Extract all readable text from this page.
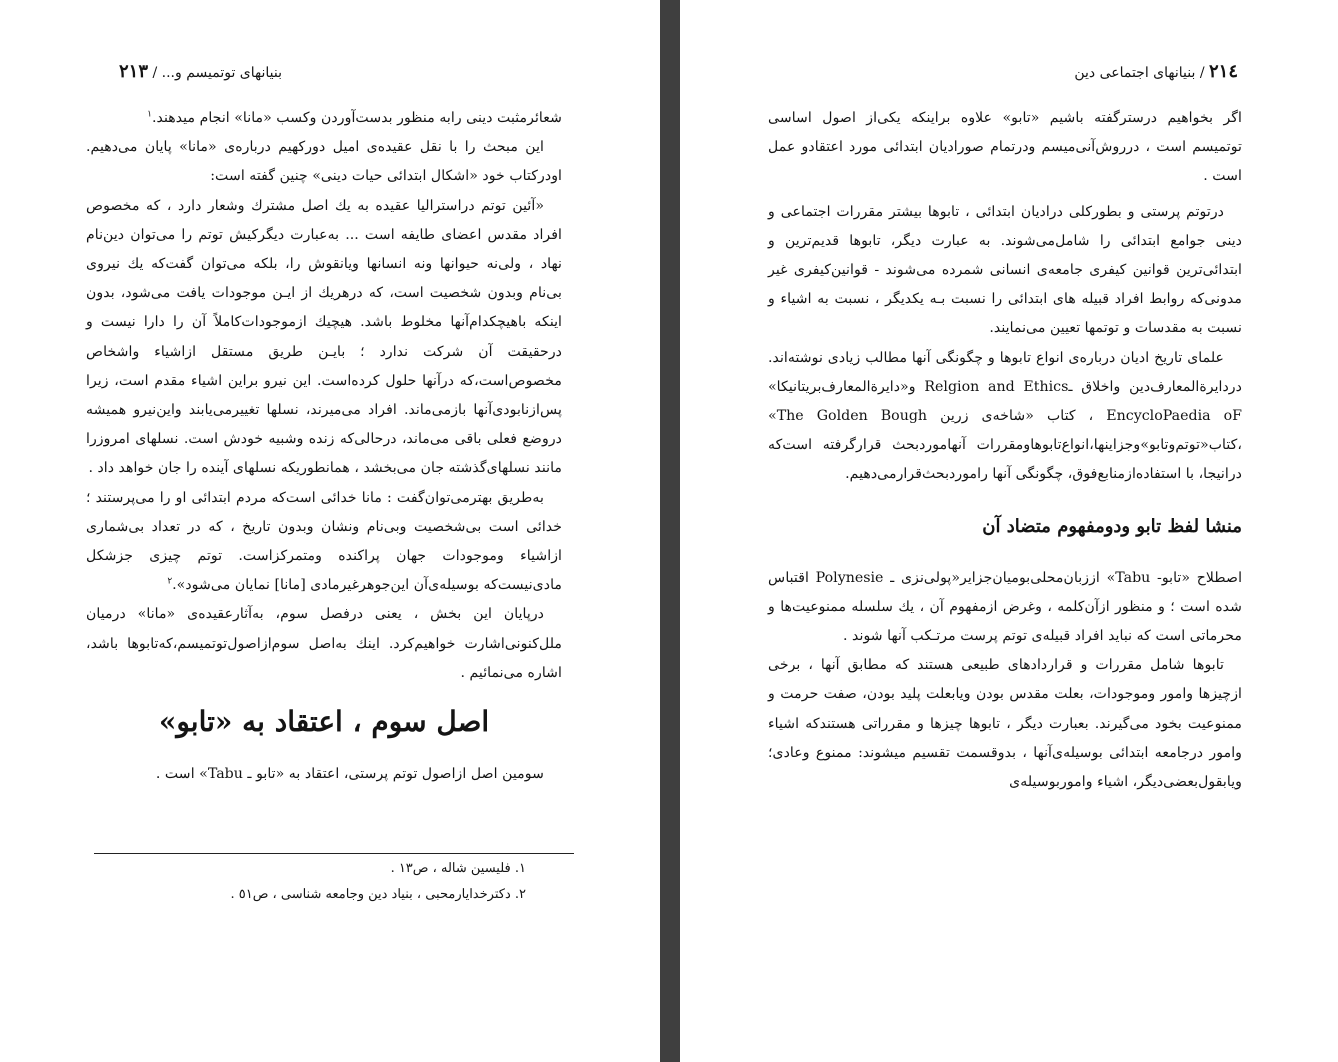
بنیانهای توتمیسم و... / ٢١٣

شعائرمثبت دینی رابه منظور بدست‌آوردن وکسب «مانا» انجام میدهند.$^١$

این مبحث را با نقل عقیده‌ی امیل دورکهیم درباره‌ی «مانا» پایان می‌دهیم. اودرکتاب خود «اشکال ابتدائی حیات دینی» چنین گفته است:

«آئین توتم دراسترالیا عقیده به یك اصل مشترك وشعار دارد ، كه مخصوص افراد مقدس اعضای طایفه است ... به‌عبارت دیگرکیش توتم را می‌توان دین‌نام نهاد ، ولی‌نه حیوانها ونه انسانها ویانقوش را، بلکه می‌توان گفت‌که یك نیروی بی‌نام وبدون شخصیت است، که درهریك از ایـن موجودات یافت می‌شود، بدون اینکه باهیچکدام‌آنها مخلوط باشد. هیچیك ازموجودات‌کاملاً آن را دارا نیست و درحقیقت آن شرکت ندارد ؛ بایـن طریق مستقل ازاشیاء واشخاص مخصوص‌است،که درآنها حلول کرده‌است. این نیرو براین اشیاء مقدم است، زیرا پس‌ازنابودی‌آنها بازمی‌ماند. افراد می‌میرند، نسلها تغییرمی‌یابند واین‌نیرو همیشه دروضع فعلی باقی می‌ماند، درحالی‌که زنده وشبیه خودش است. نسلهای امروزرا مانند نسلهای‌گذشته جان می‌بخشد ، همانطوریکه نسلهای آینده را جان خواهد داد .

به‌طریق بهترمی‌توان‌گفت : مانا خدائی است‌که مردم ابتدائی او را می‌پرستند ؛ خدائی است بی‌شخصیت وبی‌نام ونشان وبدون تاریخ ، که در تعداد بی‌شماری ازاشیاء وموجودات جهان پراکنده ومتمرکزاست. توتم چیزی جزشکل مادی‌نیست‌که بوسیله‌ی‌آن این‌جوهرغیرمادی [مانا] نمایان می‌شود».$^٢$

درپایان این بخش ، یعنی درفصل سوم، به‌آثارعقیده‌ی «مانا» درمیان ملل‌کنونی‌اشارت خواهیم‌کرد. اینك به‌اصل سوم‌ازاصول‌توتمیسم،که‌تابوها باشد، اشاره می‌نمائیم .

اصل سوم ، اعتقاد به «تابو»

سومین اصل ازاصول توتم پرستی، اعتقاد به «تابو ـ Tabu» است .

١. فلیسین شاله ، ص١٣ .

٢. دکترخدایارمحبی ، بنیاد دین وجامعه شناسی ، ص٥١ .

٢١٤ / بنیانهای اجتماعی دین

اگر بخواهیم درسترگفته باشیم «تابو» علاوه براینکه یکی‌از اصول اساسی توتمیسم است ، درروش‌آنی‌میسم ودرتمام صورادیان ابتدائی مورد اعتقادو عمل است .

درتوتم پرستی و بطورکلی درادیان ابتدائی ، تابوها بیشتر مقررات اجتماعی و دینی جوامع ابتدائی را شامل‌می‌شوند. به عبارت دیگر، تابوها قدیم‌ترین و ابتدائی‌ترین قوانین کیفری جامعه‌ی انسانی شمرده می‌شوند - قوانین‌کیفری غیر مدونی‌که روابط افراد قبیله های ابتدائی را نسبت بـه یکدیگر ، نسبت به اشیاء و نسبت به مقدسات و توتمها تعیین می‌نمایند.

علمای تاریخ ادیان درباره‌ی انواع تابوها و چگونگی آنها مطالب زیادی نوشته‌اند. دردایرة‌المعارف‌دین واخلاق ـRelgion and Ethics و«دایرة‌المعارف‌بریتانیکا» EncycloPaedia oF ، کتاب «شاخه‌ی زرین The Golden Bough» ،کتاب«توتم‌وتابو»وجزاینها،انواع‌تابوهاومقررات آنهاموردبحث قرارگرفته است‌که درانیجا، با استفاده‌ازمنابع‌فوق، چگونگی آنها راموردبحث‌قرارمی‌دهیم.

منشا لفظ تابو ودومفهوم متضاد آن

اصطلاح «تابو- Tabu» اززبان‌محلی‌بومیان‌جزایر«پولی‌نزی ـ Polynesie اقتباس شده است ؛ و منظور ازآن‌کلمه ، وغرض ازمفهوم آن ، یك سلسله ممنوعیت‌ها و محرماتی است که نباید افراد قبیله‌ی توتم پرست مرتـکب آنها شوند .

تابوها شامل مقررات و قراردادهای طبیعی هستند که مطابق آنها ، برخی ازچیزها وامور وموجودات، بعلت مقدس بودن ویابعلت پلید بودن، صفت حرمت و ممنوعیت بخود می‌گیرند. بعبارت دیگر ، تابوها چیزها و مقرراتی هستندکه اشیاء وامور درجامعه ابتدائی بوسیله‌ی‌آنها ، بدوقسمت تقسیم میشوند: ممنوع وعادی؛ ویابقول‌بعضی‌دیگر، اشیاء وامور‌بوسیله‌ی
